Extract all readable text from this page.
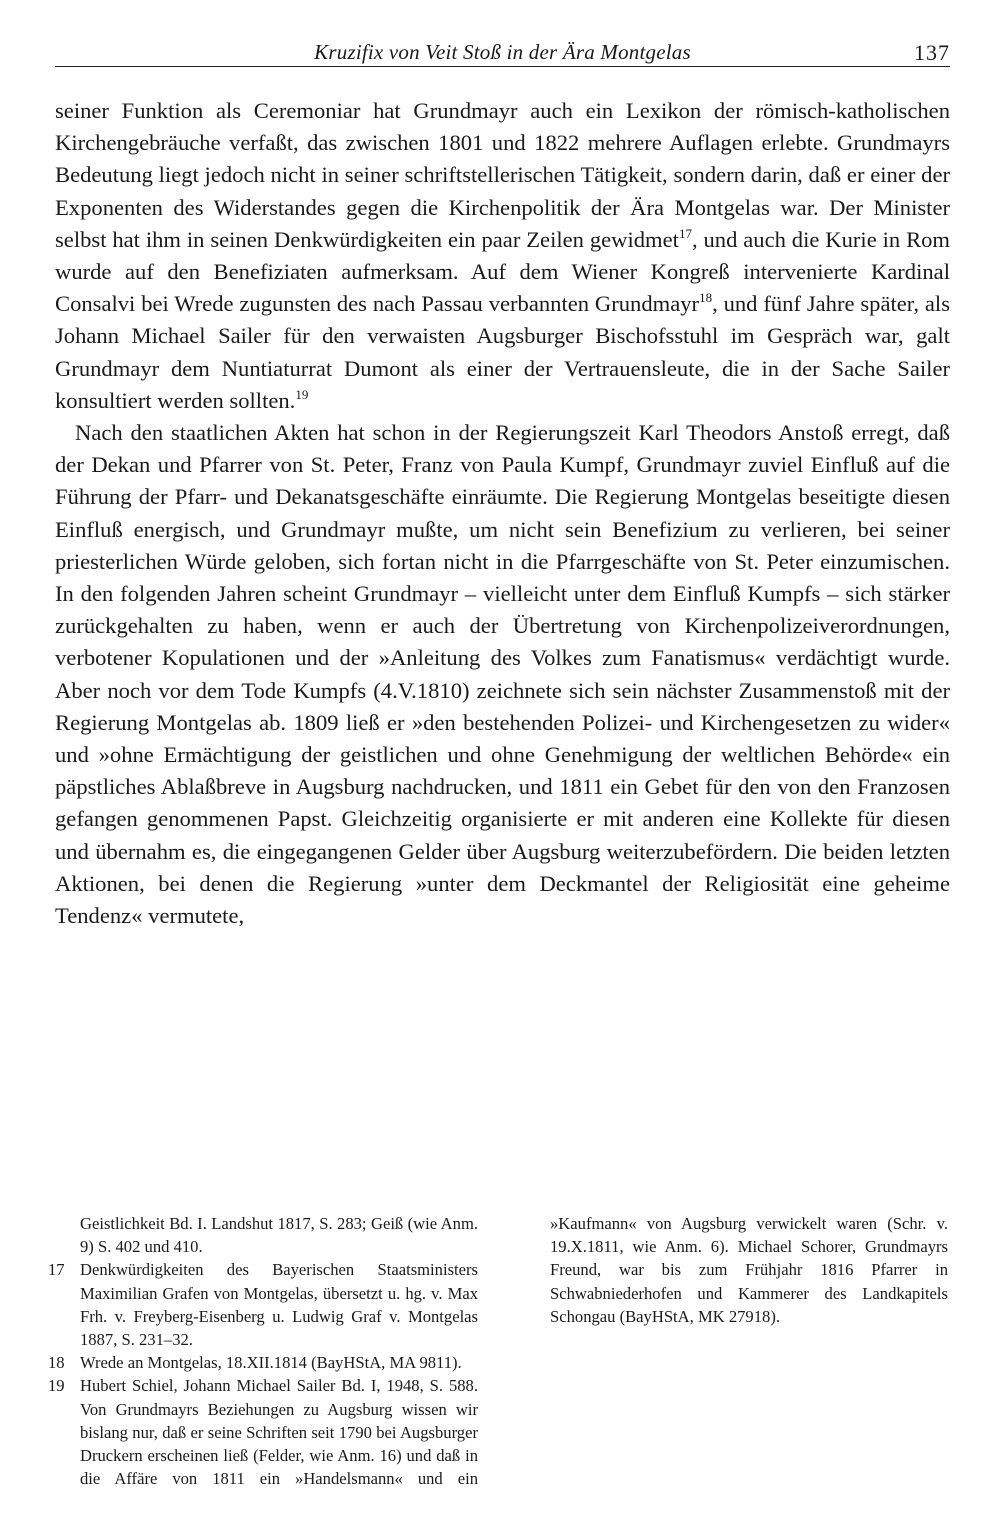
Kruzifix von Veit Stoß in der Ära Montgelas	137

seiner Funktion als Ceremoniar hat Grundmayr auch ein Lexikon der römisch-katholischen Kirchengebräuche verfaßt, das zwischen 1801 und 1822 mehrere Auflagen erlebte. Grundmayrs Bedeutung liegt jedoch nicht in seiner schriftstellerischen Tätigkeit, sondern darin, daß er einer der Exponenten des Widerstandes gegen die Kirchenpolitik der Ära Montgelas war. Der Minister selbst hat ihm in seinen Denkwürdigkeiten ein paar Zeilen gewidmet$^{17}$, und auch die Kurie in Rom wurde auf den Benefiziaten aufmerksam. Auf dem Wiener Kongreß intervenierte Kardinal Consalvi bei Wrede zugunsten des nach Passau verbannten Grundmayr$^{18}$, und fünf Jahre später, als Johann Michael Sailer für den verwaisten Augsburger Bischofsstuhl im Gespräch war, galt Grundmayr dem Nuntiaturrat Dumont als einer der Vertrauensleute, die in der Sache Sailer konsultiert werden sollten.$^{19}$

Nach den staatlichen Akten hat schon in der Regierungszeit Karl Theodors Anstoß erregt, daß der Dekan und Pfarrer von St. Peter, Franz von Paula Kumpf, Grundmayr zuviel Einfluß auf die Führung der Pfarr- und Dekanatsgeschäfte einräumte. Die Regierung Montgelas beseitigte diesen Einfluß energisch, und Grundmayr mußte, um nicht sein Benefizium zu verlieren, bei seiner priesterlichen Würde geloben, sich fortan nicht in die Pfarrgeschäfte von St. Peter einzumischen. In den folgenden Jahren scheint Grundmayr – vielleicht unter dem Einfluß Kumpfs – sich stärker zurückgehalten zu haben, wenn er auch der Übertretung von Kirchenpolizeiverordnungen, verbotener Kopulationen und der »Anleitung des Volkes zum Fanatismus« verdächtigt wurde. Aber noch vor dem Tode Kumpfs (4.V.1810) zeichnete sich sein nächster Zusammenstoß mit der Regierung Montgelas ab. 1809 ließ er »den bestehenden Polizei- und Kirchengesetzen zu wider« und »ohne Ermächtigung der geistlichen und ohne Genehmigung der weltlichen Behörde« ein päpstliches Ablaßbreve in Augsburg nachdrucken, und 1811 ein Gebet für den von den Franzosen gefangen genommenen Papst. Gleichzeitig organisierte er mit anderen eine Kollekte für diesen und übernahm es, die eingegangenen Gelder über Augsburg weiterzubefördern. Die beiden letzten Aktionen, bei denen die Regierung »unter dem Deckmantel der Religiosität eine geheime Tendenz« vermutete,

Geistlichkeit Bd. I. Landshut 1817, S. 283; Geiß (wie Anm. 9) S. 402 und 410.
17 Denkwürdigkeiten des Bayerischen Staatsministers Maximilian Grafen von Montgelas, übersetzt u. hg. v. Max Frh. v. Freyberg-Eisenberg u. Ludwig Graf v. Montgelas 1887, S. 231–32.
18 Wrede an Montgelas, 18.XII.1814 (BayHStA, MA 9811).
19 Hubert Schiel, Johann Michael Sailer Bd. I, 1948, S. 588. Von Grundmayrs Beziehungen zu Augsburg wissen wir bislang nur, daß er seine Schriften seit 1790 bei Augsburger Druckern erscheinen ließ (Felder, wie Anm. 16) und daß in die Affäre von 1811 ein »Handelsmann« und ein »Kaufmann« von Augsburg verwickelt waren (Schr. v. 19.X.1811, wie Anm. 6). Michael Schorer, Grundmayrs Freund, war bis zum Frühjahr 1816 Pfarrer in Schwabniederhofen und Kammerer des Landkapitels Schongau (BayHStA, MK 27918).
